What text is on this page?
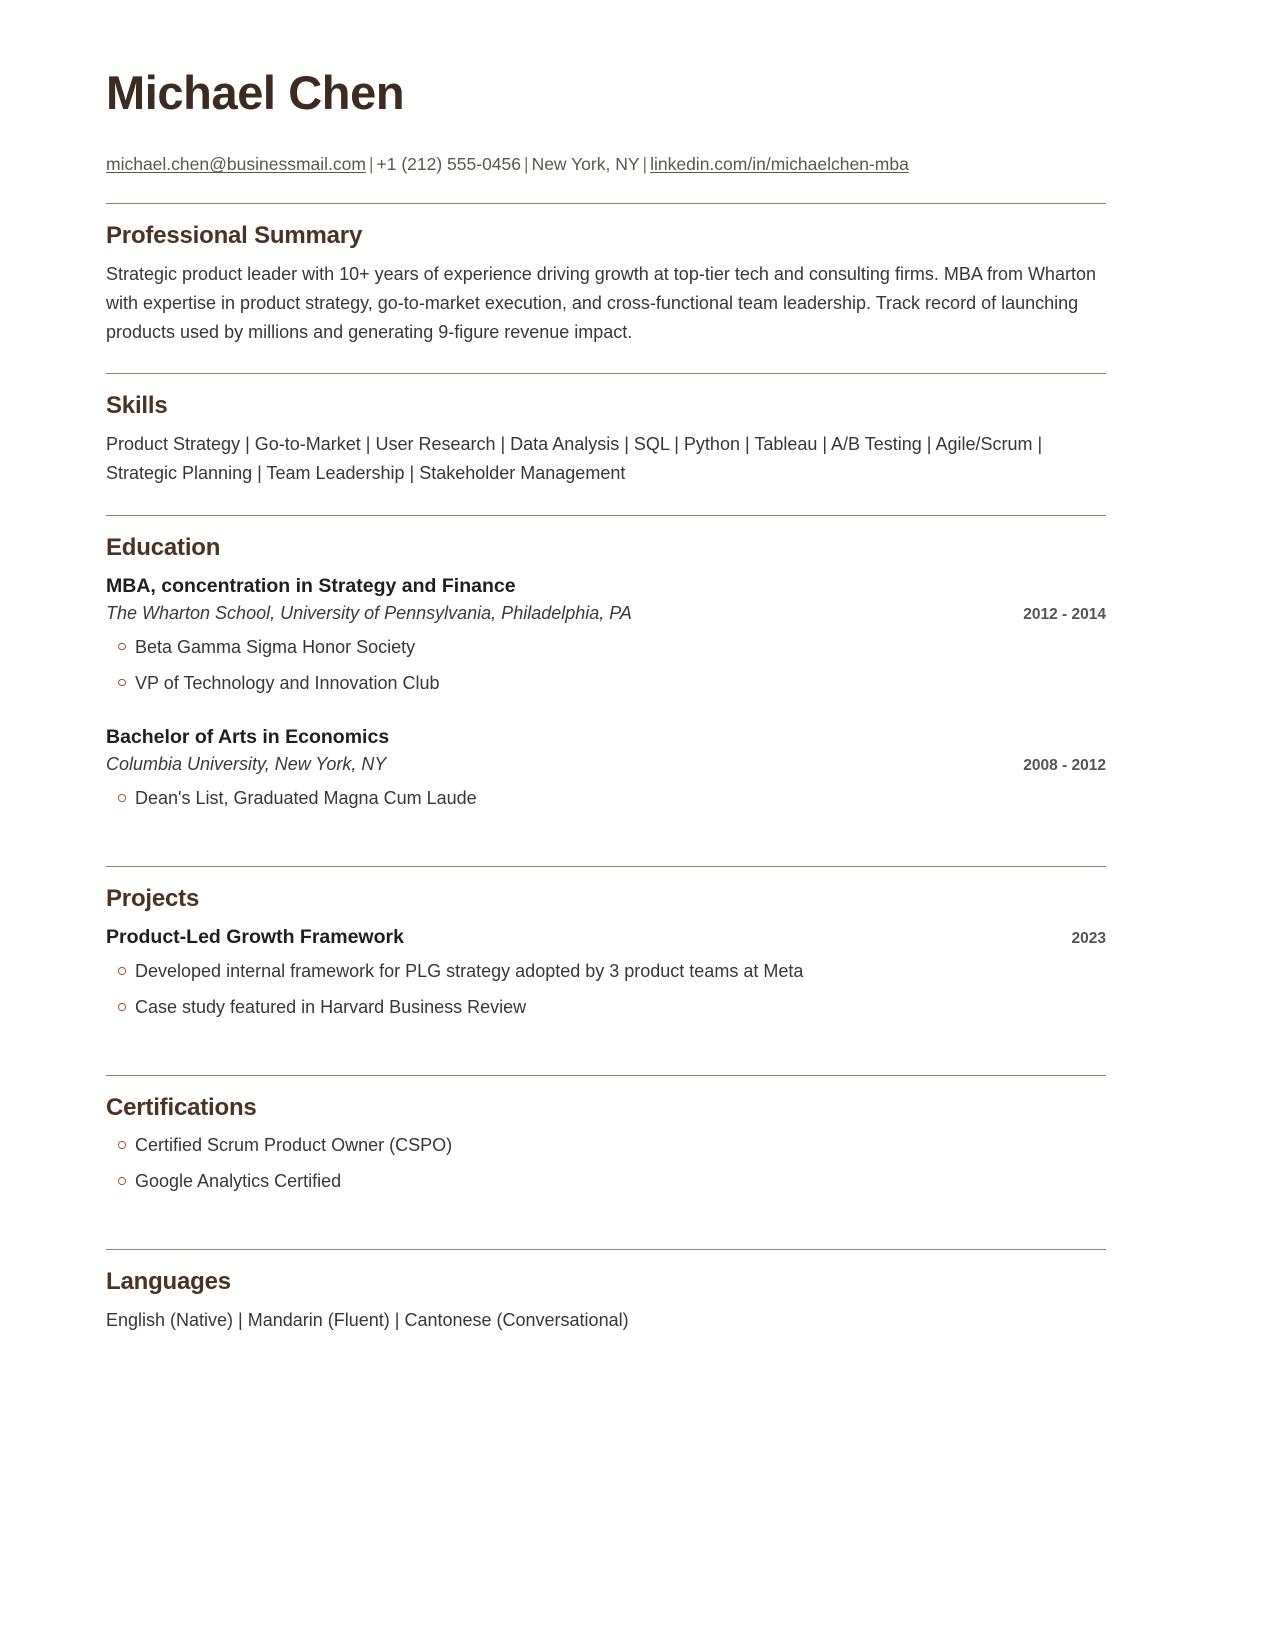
Michael Chen
michael.chen@businessmail.com | +1 (212) 555-0456 | New York, NY | linkedin.com/in/michaelchen-mba
Professional Summary

Strategic product leader with 10+ years of experience driving growth at top-tier tech and consulting firms. MBA from Wharton with expertise in product strategy, go-to-market execution, and cross-functional team leadership. Track record of launching products used by millions and generating 9-figure revenue impact.

Skills

Product Strategy | Go-to-Market | User Research | Data Analysis | SQL | Python | Tableau | A/B Testing | Agile/Scrum | Strategic Planning | Team Leadership | Stakeholder Management

Education
MBA, concentration in Strategy and Finance
The Wharton School, University of Pennsylvania, Philadelphia, PA	2012 - 2014
Beta Gamma Sigma Honor Society
VP of Technology and Innovation Club
Bachelor of Arts in Economics
Columbia University, New York, NY	2008 - 2012
Dean's List, Graduated Magna Cum Laude
Projects
Product-Led Growth Framework	2023
Developed internal framework for PLG strategy adopted by 3 product teams at Meta
Case study featured in Harvard Business Review
Certifications
Certified Scrum Product Owner (CSPO)
Google Analytics Certified
Languages

English (Native) | Mandarin (Fluent) | Cantonese (Conversational)
